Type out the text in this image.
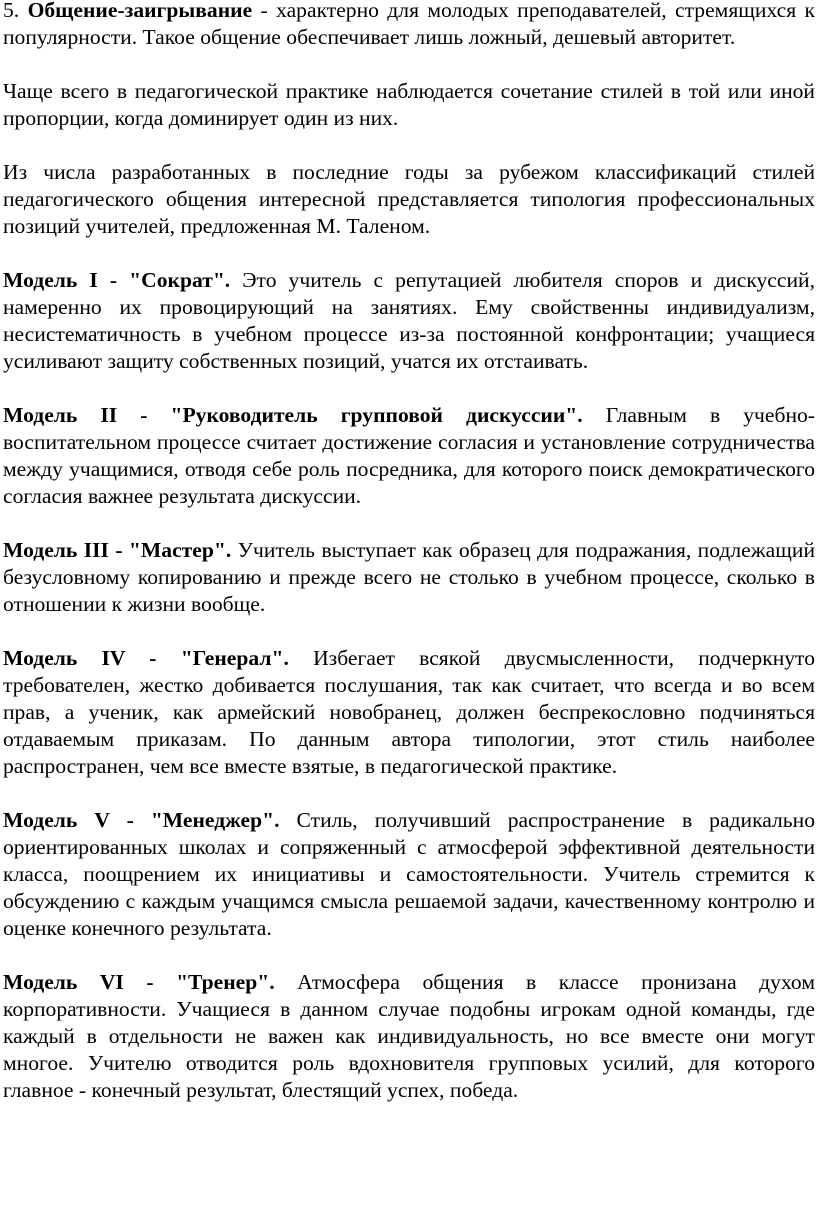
5. Общение-заигрывание - характерно для молодых преподавателей, стремящихся к популярности. Такое общение обеспечивает лишь ложный, дешевый авторитет.

Чаще всего в педагогической практике наблюдается сочетание стилей в той или иной пропорции, когда доминирует один из них.

Из числа разработанных в последние годы за рубежом классификаций стилей педагогического общения интересной представляется типология профессиональных позиций учителей, предложенная М. Таленом.

Модель I - "Сократ". Это учитель с репутацией любителя споров и дискуссий, намеренно их провоцирующий на занятиях. Ему свойственны индивидуализм, несистематичность в учебном процессе из-за постоянной конфронтации; учащиеся усиливают защиту собственных позиций, учатся их отстаивать.

Модель II - "Руководитель групповой дискуссии". Главным в учебно-воспитательном процессе считает достижение согласия и установление сотрудничества между учащимися, отводя себе роль посредника, для которого поиск демократического согласия важнее результата дискуссии.

Модель III - "Мастер". Учитель выступает как образец для подражания, подлежащий безусловному копированию и прежде всего не столько в учебном процессе, сколько в отношении к жизни вообще.

Модель IV - "Генерал". Избегает всякой двусмысленности, подчеркнуто требователен, жестко добивается послушания, так как считает, что всегда и во всем прав, а ученик, как армейский новобранец, должен беспрекословно подчиняться отдаваемым приказам. По данным автора типологии, этот стиль наиболее распространен, чем все вместе взятые, в педагогической практике.

Модель V - "Менеджер". Стиль, получивший распространение в радикально ориентированных школах и сопряженный с атмосферой эффективной деятельности класса, поощрением их инициативы и самостоятельности. Учитель стремится к обсуждению с каждым учащимся смысла решаемой задачи, качественному контролю и оценке конечного результата.

Модель VI - "Тренер". Атмосфера общения в классе пронизана духом корпоративности. Учащиеся в данном случае подобны игрокам одной команды, где каждый в отдельности не важен как индивидуальность, но все вместе они могут многое. Учителю отводится роль вдохновителя групповых усилий, для которого главное - конечный результат, блестящий успех, победа.
